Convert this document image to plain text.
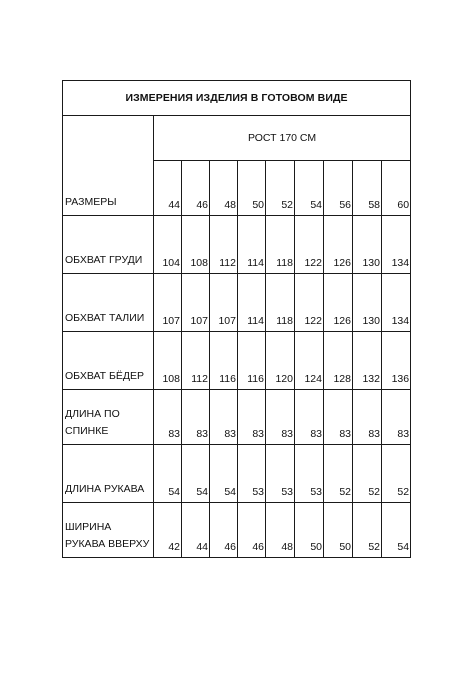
ИЗМЕРЕНИЯ ИЗДЕЛИЯ В ГОТОВОМ ВИДЕ									
РАЗМЕРЫ	РОСТ 170 СМ								
	44	46	48	50	52	54	56	58	60
ОБХВАТ ГРУДИ	104	108	112	114	118	122	126	130	134
ОБХВАТ ТАЛИИ	107	107	107	114	118	122	126	130	134
ОБХВАТ БЁДЕР	108	112	116	116	120	124	128	132	136
ДЛИНА ПО
СПИНКЕ	83	83	83	83	83	83	83	83	83
ДЛИНА РУКАВА	54	54	54	53	53	53	52	52	52
ШИРИНА
РУКАВА ВВЕРХУ	42	44	46	46	48	50	50	52	54
